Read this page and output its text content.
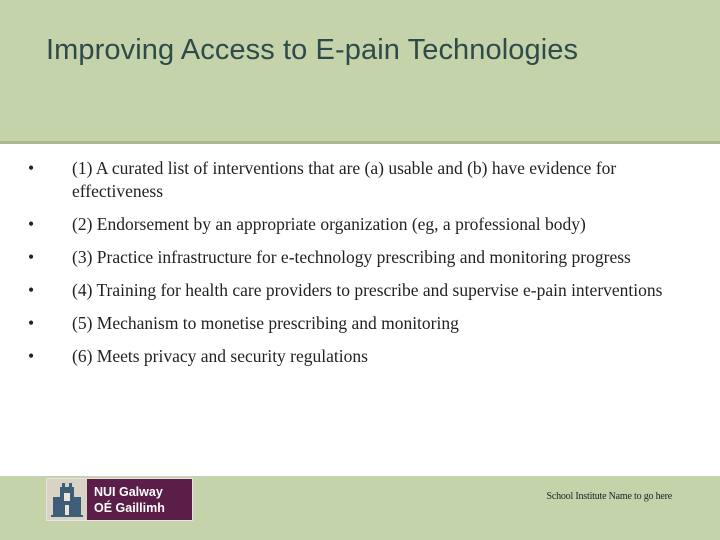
Improving Access to E-pain Technologies
•	(1) A curated list of interventions that are (a) usable and (b) have evidence for effectiveness
•	(2) Endorsement by an appropriate organization (eg, a professional body)
•	(3) Practice infrastructure for e-technology prescribing and monitoring progress
•	(4) Training for health care providers to prescribe and supervise e-pain interventions
•	(5) Mechanism to monetise prescribing and monitoring
•	(6) Meets privacy and security regulations
NUI Galway
OÉ Gaillimh
School Institute Name to go here
